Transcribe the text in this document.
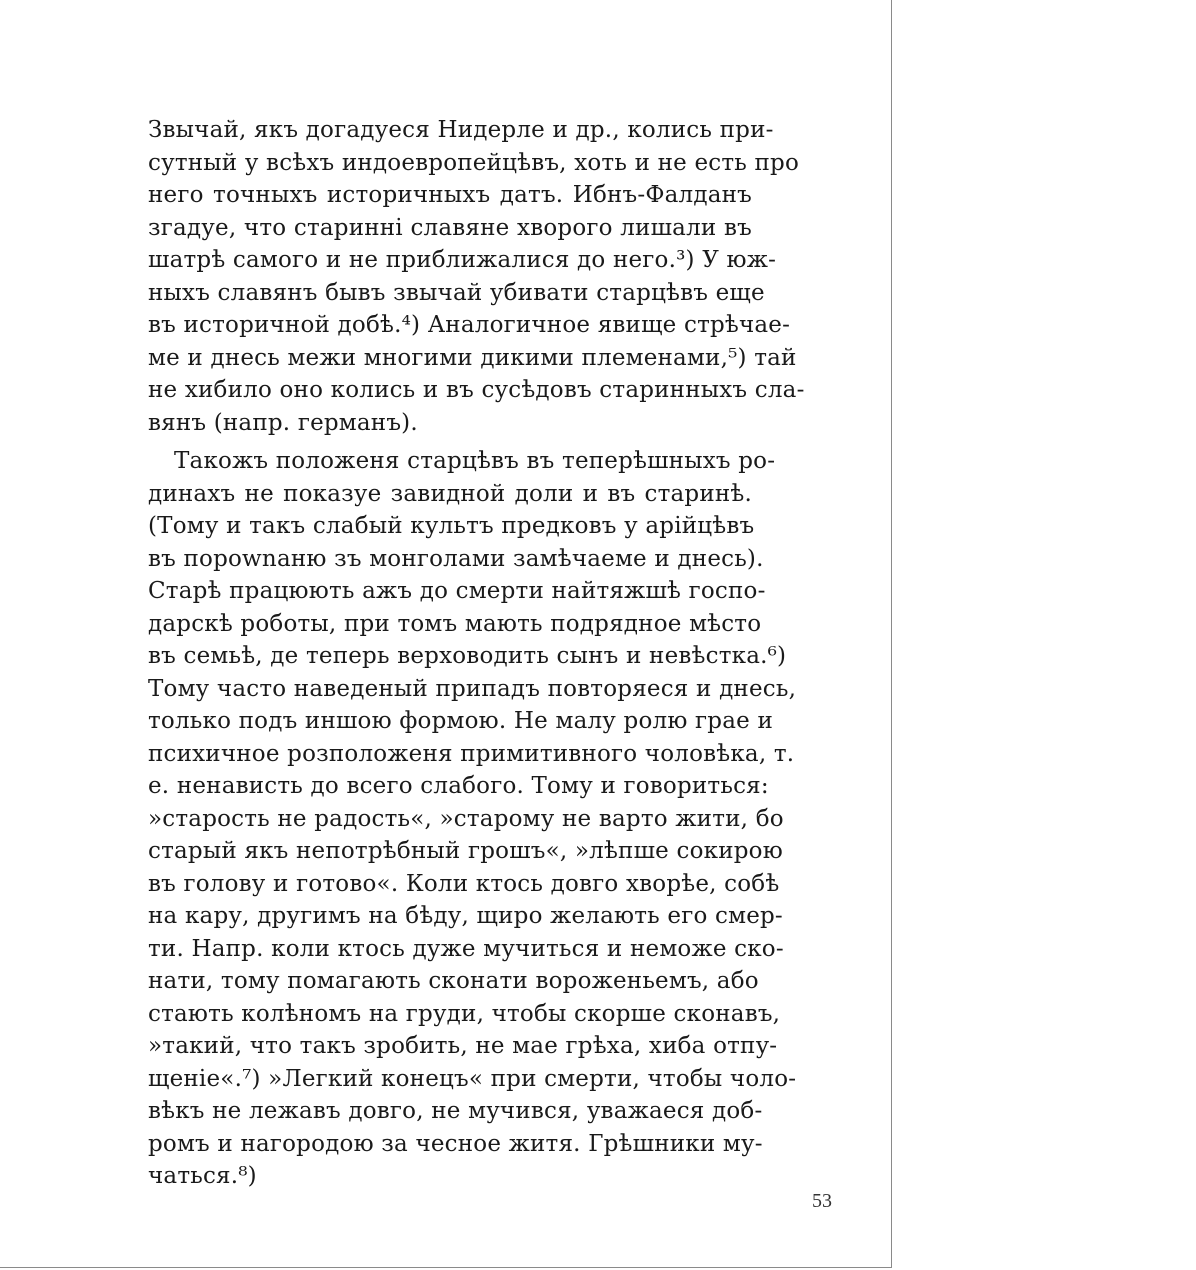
Звычай, якъ догадуеся Нидерле и др., колись при-
сутный у всѣхъ индоевропейцѣвъ, хоть и не есть про
него точныхъ историчныхъ датъ. Ибнъ-Фалданъ
згадуе, что старинні славяне хворого лишали въ
шатрѣ самого и не приближалися до него.³) У юж-
ныхъ славянъ бывъ звычай убивати старцѣвъ еще
въ историчной добѣ.⁴) Аналогичное явище стрѣчае-
ме и днесь межи многими дикими племенами,⁵) тай
не хибило оно колись и въ сусѣдовъ старинныхъ сла-
вянъ (напр. германъ).
Такожъ положеня старцѣвъ въ теперѣшныхъ ро-
динахъ не показуе завидной доли и въ старинѣ.
(Тому и такъ слабый культъ предковъ у арійцѣвъ
въ порownаню зъ монголами замѣчаеме и днесь).
Старѣ працюють ажъ до смерти найтяжшѣ госпо-
дарскѣ роботы, при томъ мають подрядное мѣсто
въ семьѣ, де теперь верховодить сынъ и невѣстка.⁶)
Тому часто наведеный припадъ повторяеся и днесь,
только подъ иншою формою. Не малу ролю грае и
психичное розположеня примитивного чоловѣка, т.
е. ненависть до всего слабого. Тому и говориться:
»старость не радость«, »старому не варто жити, бо
старый якъ непотрѣбный грошъ«, »лѣпше сокирою
въ голову и готово«. Коли ктось довго хворѣе, собѣ
на кару, другимъ на бѣду, щиро желають его смер-
ти. Напр. коли ктось дуже мучиться и неможе ско-
нати, тому помагають сконати вороженьемъ, або
стають колѣномъ на груди, чтобы скорше сконавъ,
»такий, что такъ зробить, не мае грѣха, хиба отпу-
щеніе«.⁷) »Легкий конецъ« при смерти, чтобы чоло-
вѣкъ не лежавъ довго, не мучився, уважаеся доб-
ромъ и нагородою за чесное житя. Грѣшники му-
чаться.⁸)
53
